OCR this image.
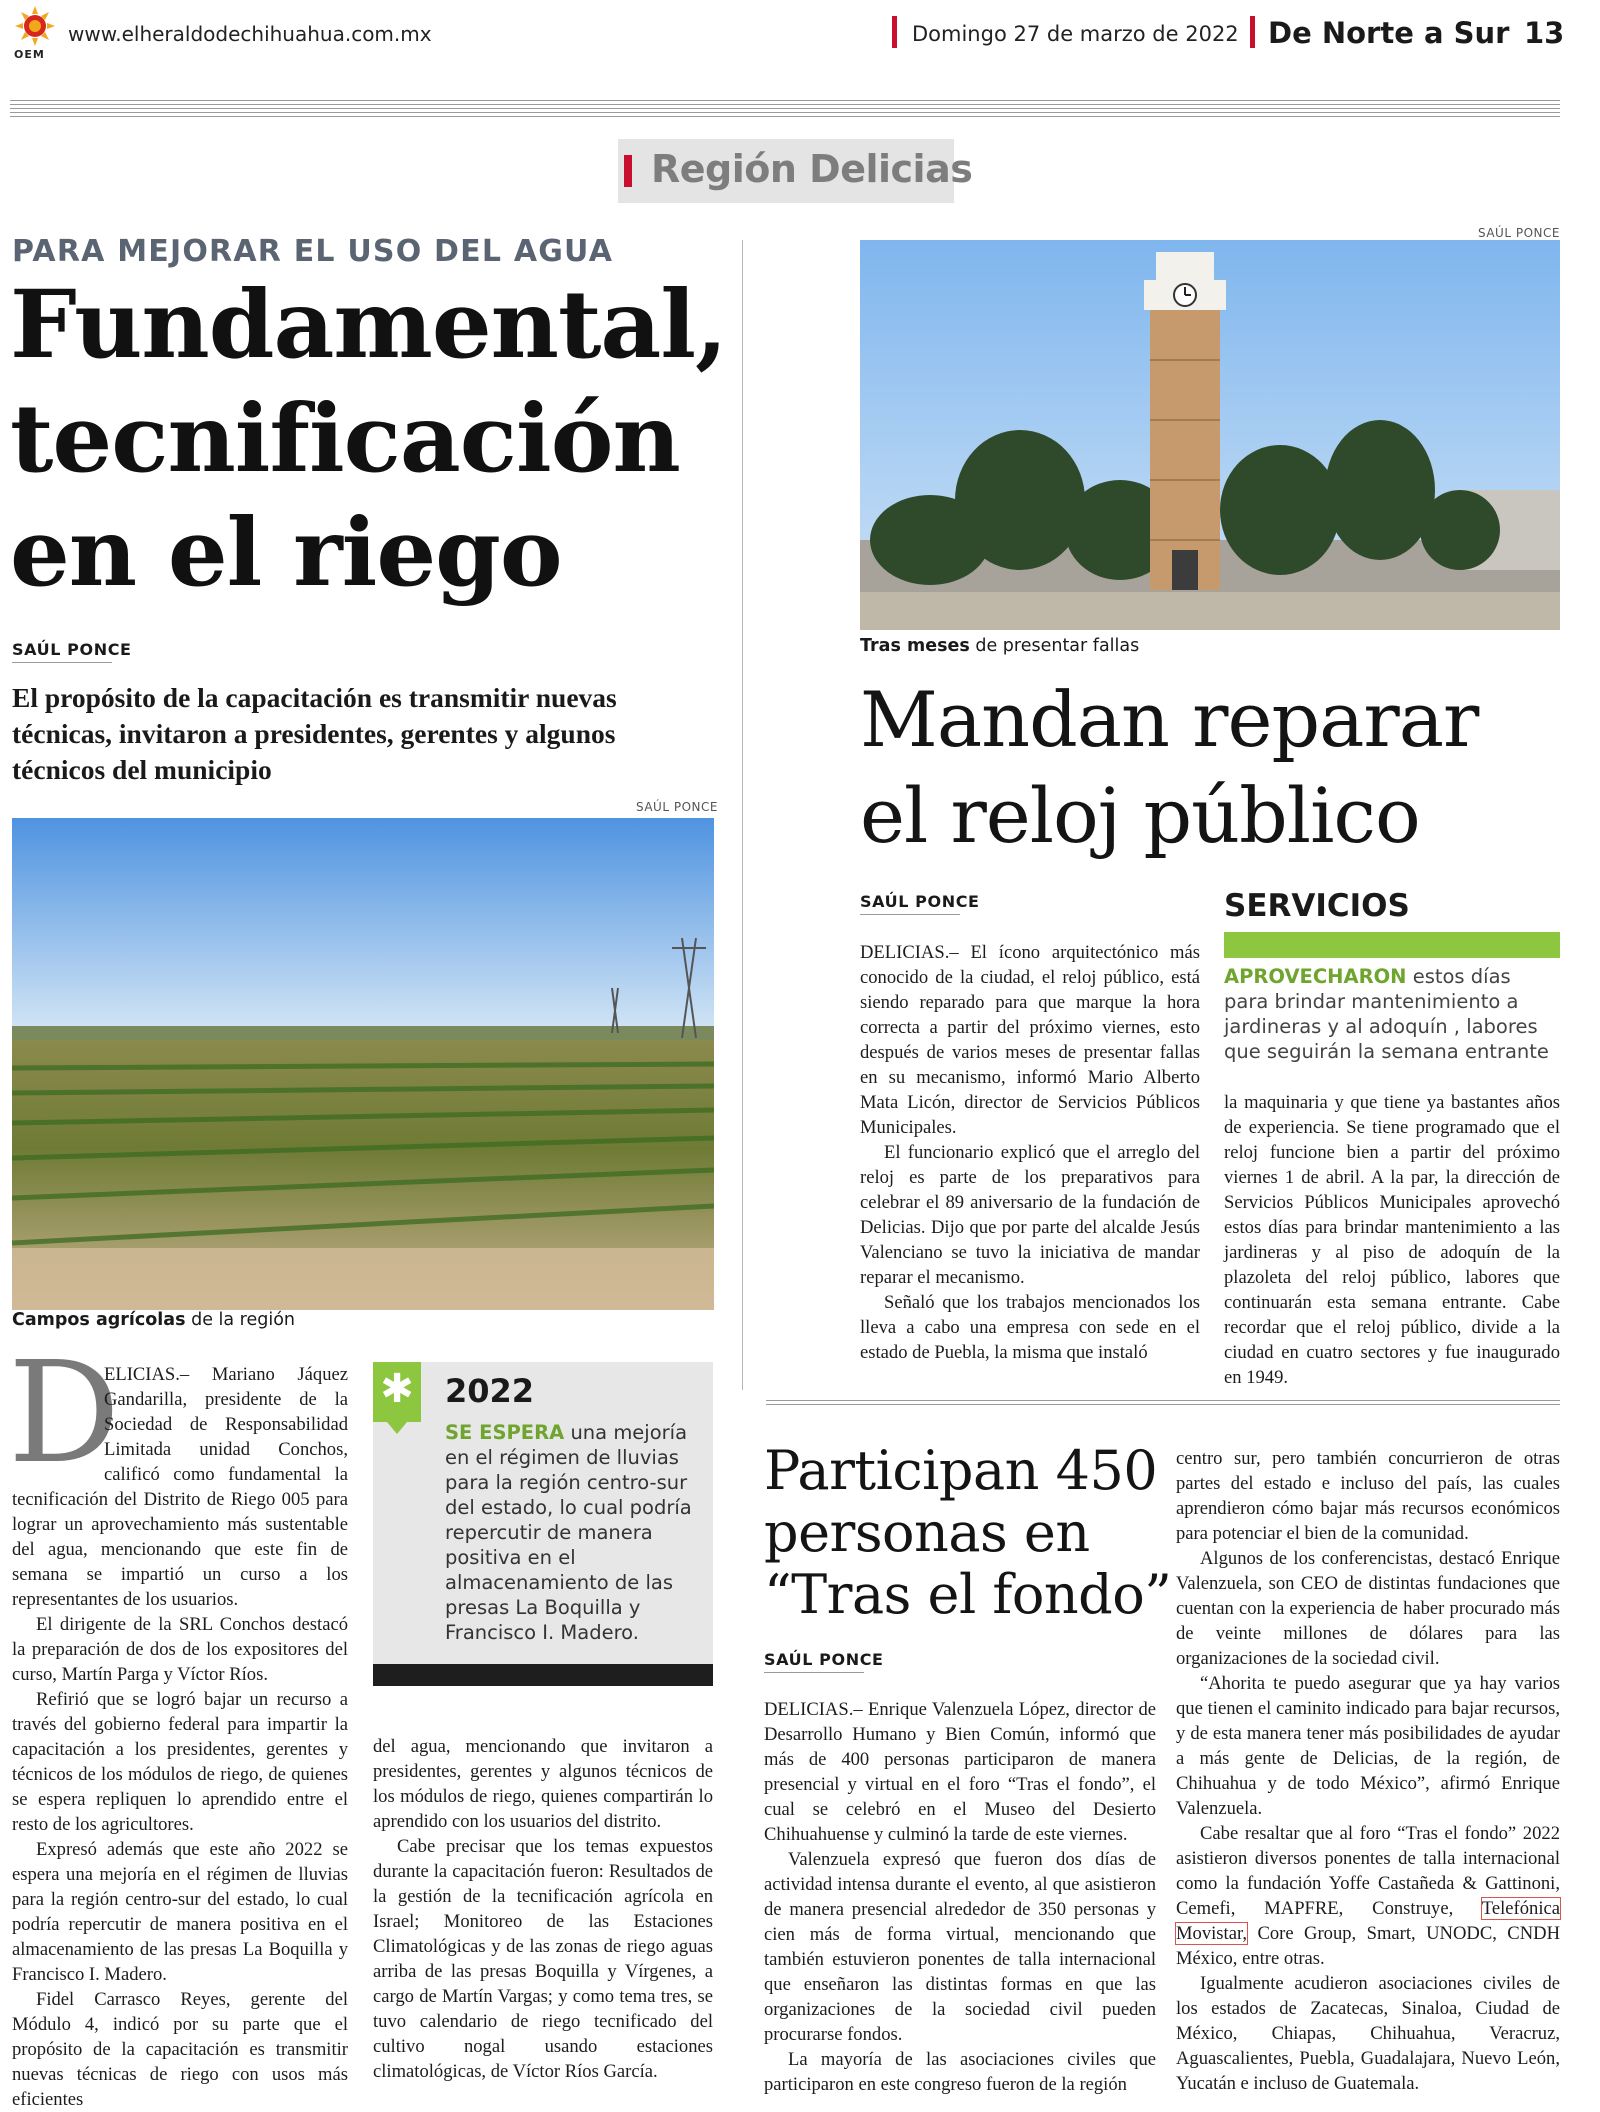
OEM
www.elheraldodechihuahua.com.mx	Domingo 27 de marzo de 2022 De Norte a Sur 13
Región Delicias
PARA MEJORAR EL USO DEL AGUA
Fundamental,
tecnificación
en el riego
SAÚL PONCE
El propósito de la capacitación es transmitir nuevas técnicas, invitaron a presidentes, gerentes y algunos técnicos del municipio
SAÚL PONCE
Campos agrícolas de la región
D

ELICIAS.– Mariano Jáquez Gandarilla, presidente de la Sociedad de Responsabilidad Limitada unidad Conchos, calificó como fundamental la tecnificación del Distrito de Riego 005 para lograr un aprovechamiento más sustentable del agua, mencionando que este fin de semana se impartió un curso a los representantes de los usuarios.

El dirigente de la SRL Conchos destacó la preparación de dos de los expositores del curso, Martín Parga y Víctor Ríos.

Refirió que se logró bajar un recurso a través del gobierno federal para impartir la capacitación a los presidentes, gerentes y técnicos de los módulos de riego, de quienes se espera repliquen lo aprendido entre el resto de los agricultores.

Expresó además que este año 2022 se espera una mejoría en el régimen de lluvias para la región centro-sur del estado, lo cual podría repercutir de manera positiva en el almacenamiento de las presas La Boquilla y Francisco I. Madero.

Fidel Carrasco Reyes, gerente del Módulo 4, indicó por su parte que el propósito de la capacitación es transmitir nuevas técnicas de riego con usos más eficientes

✱ 2022
SE ESPERA una mejoría en el régimen de lluvias para la región centro-sur del estado, lo cual podría repercutir de manera positiva en el almacenamiento de las presas La Boquilla y Francisco I. Madero.

del agua, mencionando que invitaron a presidentes, gerentes y algunos técnicos de los módulos de riego, quienes compartirán lo aprendido con los usuarios del distrito.

Cabe precisar que los temas expuestos durante la capacitación fueron: Resultados de la gestión de la tecnificación agrícola en Israel; Monitoreo de las Estaciones Climatológicas y de las zonas de riego aguas arriba de las presas Boquilla y Vírgenes, a cargo de Martín Vargas; y como tema tres, se tuvo calendario de riego tecnificado del cultivo nogal usando estaciones climatológicas, de Víctor Ríos García.

SAÚL PONCE
Tras meses de presentar fallas
Mandan reparar
el reloj público
SAÚL PONCE

DELICIAS.– El ícono arquitectónico más conocido de la ciudad, el reloj público, está siendo reparado para que marque la hora correcta a partir del próximo viernes, esto después de varios meses de presentar fallas en su mecanismo, informó Mario Alberto Mata Licón, director de Servicios Públicos Municipales.

El funcionario explicó que el arreglo del reloj es parte de los preparativos para celebrar el 89 aniversario de la fundación de Delicias. Dijo que por parte del alcalde Jesús Valenciano se tuvo la iniciativa de mandar reparar el mecanismo.

Señaló que los trabajos mencionados los lleva a cabo una empresa con sede en el estado de Puebla, la misma que instaló

SERVICIOS
APROVECHARON estos días para brindar mantenimiento a jardineras y al adoquín , labores que seguirán la semana entrante

la maquinaria y que tiene ya bastantes años de experiencia. Se tiene programado que el reloj funcione bien a partir del próximo viernes 1 de abril. A la par, la dirección de Servicios Públicos Municipales aprovechó estos días para brindar mantenimiento a las jardineras y al piso de adoquín de la plazoleta del reloj público, labores que continuarán esta semana entrante. Cabe recordar que el reloj público, divide a la ciudad en cuatro sectores y fue inaugurado en 1949.

Participan 450
personas en
“Tras el fondo”
SAÚL PONCE

DELICIAS.– Enrique Valenzuela López, director de Desarrollo Humano y Bien Común, informó que más de 400 personas participaron de manera presencial y virtual en el foro “Tras el fondo”, el cual se celebró en el Museo del Desierto Chihuahuense y culminó la tarde de este viernes.

Valenzuela expresó que fueron dos días de actividad intensa durante el evento, al que asistieron de manera presencial alrededor de 350 personas y cien más de forma virtual, mencionando que también estuvieron ponentes de talla internacional que enseñaron las distintas formas en que las organizaciones de la sociedad civil pueden procurarse fondos.

La mayoría de las asociaciones civiles que participaron en este congreso fueron de la región

centro sur, pero también concurrieron de otras partes del estado e incluso del país, las cuales aprendieron cómo bajar más recursos económicos para potenciar el bien de la comunidad.

Algunos de los conferencistas, destacó Enrique Valenzuela, son CEO de distintas fundaciones que cuentan con la experiencia de haber procurado más de veinte millones de dólares para las organizaciones de la sociedad civil.

“Ahorita te puedo asegurar que ya hay varios que tienen el caminito indicado para bajar recursos, y de esta manera tener más posibilidades de ayudar a más gente de Delicias, de la región, de Chihuahua y de todo México”, afirmó Enrique Valenzuela.

Cabe resaltar que al foro “Tras el fondo” 2022 asistieron diversos ponentes de talla internacional como la fundación Yoffe Castañeda & Gattinoni, Cemefi, MAPFRE, Construye, Telefónica Movistar, Core Group, Smart, UNODC, CNDH México, entre otras.

Igualmente acudieron asociaciones civiles de los estados de Zacatecas, Sinaloa, Ciudad de México, Chiapas, Chihuahua, Veracruz, Aguascalientes, Puebla, Guadalajara, Nuevo León, Yucatán e incluso de Guatemala.
